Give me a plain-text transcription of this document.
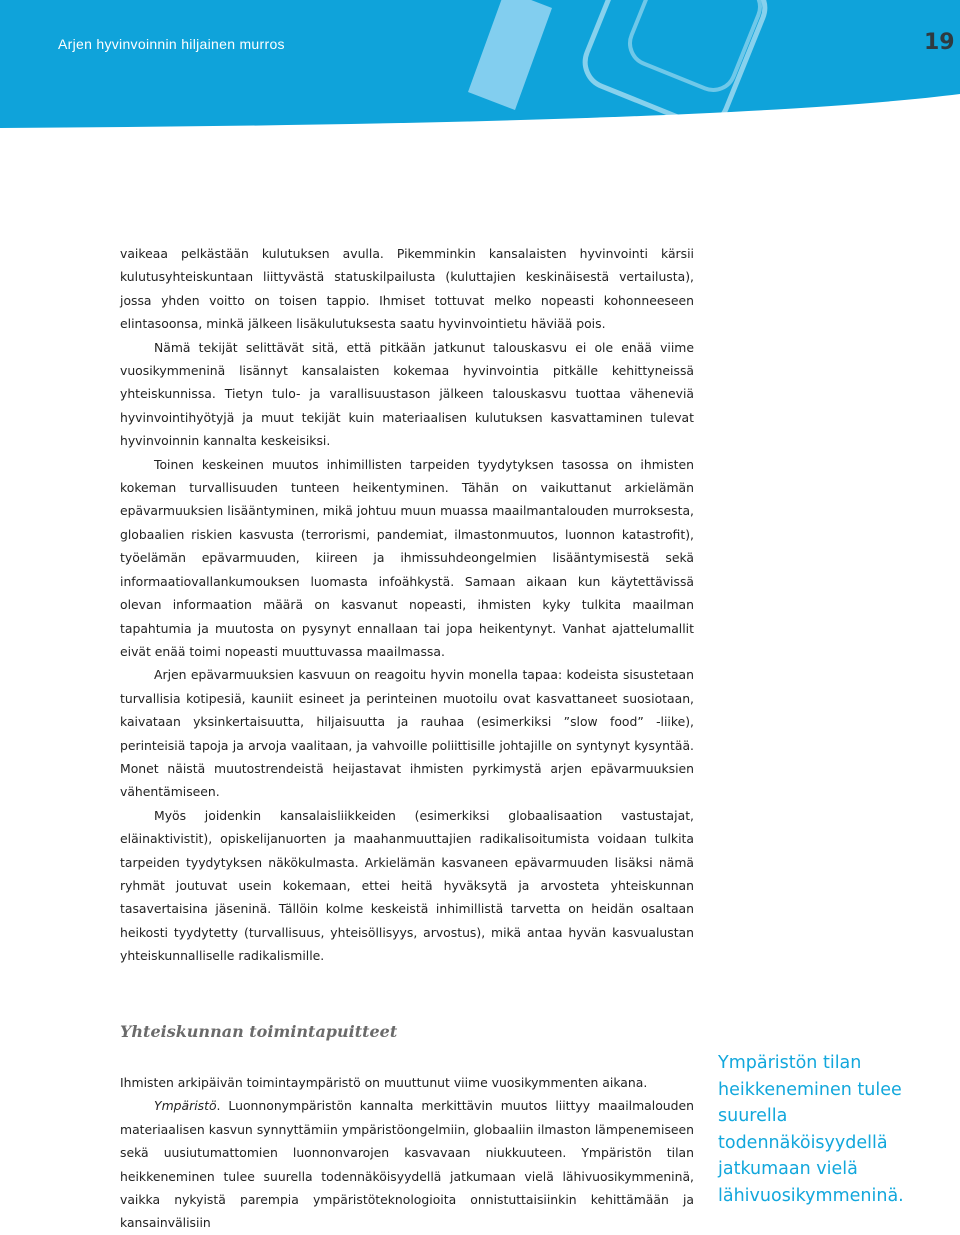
Arjen hyvinvoinnin hiljainen murros	19

vaikeaa pelkästään kulutuksen avulla. Pikemminkin kansalaisten hyvinvointi kärsii kulutusyhteiskuntaan liittyvästä statuskilpailusta (kuluttajien keskinäisestä vertailusta), jossa yhden voitto on toisen tappio. Ihmiset tottuvat melko nopeasti kohonneeseen elintasoonsa, minkä jälkeen lisäkulutuksesta saatu hyvinvointietu häviää pois.

Nämä tekijät selittävät sitä, että pitkään jatkunut talouskasvu ei ole enää viime vuosikymmeninä lisännyt kansalaisten kokemaa hyvinvointia pitkälle kehittyneissä yhteiskunnissa. Tietyn tulo- ja varallisuustason jälkeen talouskasvu tuottaa väheneviä hyvinvointihyötyjä ja muut tekijät kuin materiaalisen kulutuksen kasvattaminen tulevat hyvinvoinnin kannalta keskeisiksi.

Toinen keskeinen muutos inhimillisten tarpeiden tyydytyksen tasossa on ihmisten kokeman turvallisuuden tunteen heikentyminen. Tähän on vaikuttanut arkielämän epävarmuuksien lisääntyminen, mikä johtuu muun muassa maailmantalouden murroksesta, globaalien riskien kasvusta (terrorismi, pandemiat, ilmastonmuutos, luonnon katastrofit), työelämän epävarmuuden, kiireen ja ihmissuhdeongelmien lisääntymisestä sekä informaatiovallankumouksen luomasta infoähkystä. Samaan aikaan kun käytettävissä olevan informaation määrä on kasvanut nopeasti, ihmisten kyky tulkita maailman tapahtumia ja muutosta on pysynyt ennallaan tai jopa heikentynyt. Vanhat ajattelumallit eivät enää toimi nopeasti muuttuvassa maailmassa.

Arjen epävarmuuksien kasvuun on reagoitu hyvin monella tapaa: kodeista sisustetaan turvallisia kotipesiä, kauniit esineet ja perinteinen muotoilu ovat kasvattaneet suosiotaan, kaivataan yksinkertaisuutta, hiljaisuutta ja rauhaa (esimerkiksi ”slow food” -liike), perinteisiä tapoja ja arvoja vaalitaan, ja vahvoille poliittisille johtajille on syntynyt kysyntää. Monet näistä muutostrendeistä heijastavat ihmisten pyrkimystä arjen epävarmuuksien vähentämiseen.

Myös joidenkin kansalaisliikkeiden (esimerkiksi globaalisaation vastustajat, eläinaktivistit), opiskelijanuorten ja maahanmuuttajien radikalisoitumista voidaan tulkita tarpeiden tyydytyksen näkökulmasta. Arkielämän kasvaneen epävarmuuden lisäksi nämä ryhmät joutuvat usein kokemaan, ettei heitä hyväksytä ja arvosteta yhteiskunnan tasavertaisina jäseninä. Tällöin kolme keskeistä inhimillistä tarvetta on heidän osaltaan heikosti tyydytetty (turvallisuus, yhteisöllisyys, arvostus), mikä antaa hyvän kasvualustan yhteiskunnalliselle radikalismille.

Yhteiskunnan toimintapuitteet

Ihmisten arkipäivän toimintaympäristö on muuttunut viime vuosikymmenten aikana.

Ympäristö. Luonnonympäristön kannalta merkittävin muutos liittyy maailmalouden materiaalisen kasvun synnyttämiin ympäristöongelmiin, globaaliin ilmaston lämpenemiseen sekä uusiutumattomien luonnonvarojen kasvavaan niukkuuteen. Ympäristön tilan heikkeneminen tulee suurella todennäköisyydellä jatkumaan vielä lähivuosikymmeninä, vaikka nykyistä parempia ympäristöteknologioita onnistuttaisiinkin kehittämään ja kansainvälisiin

Ympäristön tilan heikkeneminen tulee suurella todennäköisyydellä jatkumaan vielä lähivuosikymmeninä.
